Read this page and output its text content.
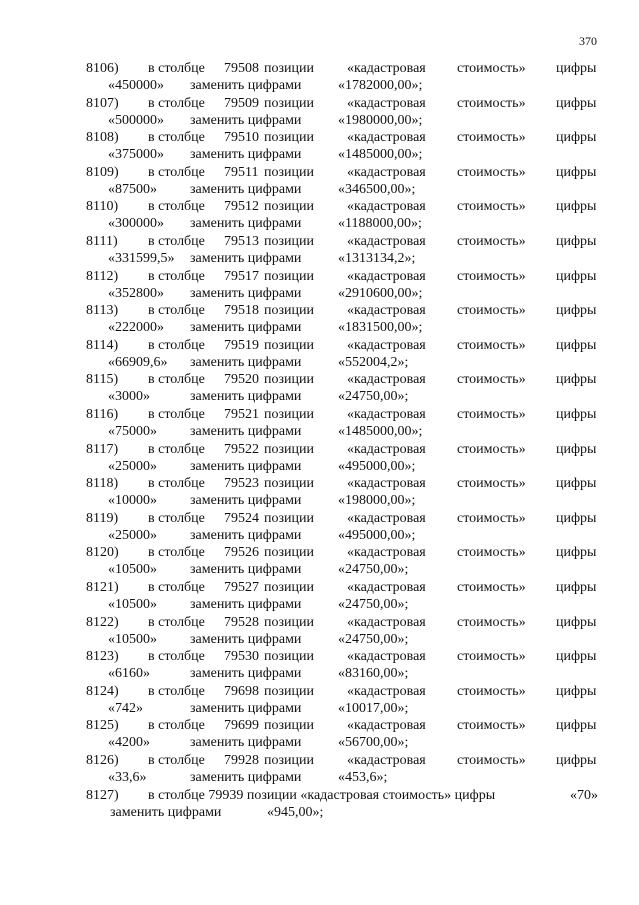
370
8106) в столбце 79508 позиции «кадастровая стоимость» цифры
«450000» заменить цифрами	«1782000,00»;
8107) в столбце 79509 позиции «кадастровая стоимость» цифры
«500000» заменить цифрами	«1980000,00»;
8108) в столбце 79510 позиции «кадастровая стоимость» цифры
«375000» заменить цифрами	«1485000,00»;
8109) в столбце 79511 позиции «кадастровая стоимость» цифры
«87500» заменить цифрами	«346500,00»;
8110) в столбце 79512 позиции «кадастровая стоимость» цифры
«300000» заменить цифрами	«1188000,00»;
8111) в столбце 79513 позиции «кадастровая стоимость» цифры
«331599,5» заменить цифрами	«1313134,2»;
8112) в столбце 79517 позиции «кадастровая стоимость» цифры
«352800» заменить цифрами	«2910600,00»;
8113) в столбце 79518 позиции «кадастровая стоимость» цифры
«222000» заменить цифрами	«1831500,00»;
8114) в столбце 79519 позиции «кадастровая стоимость» цифры
«66909,6» заменить цифрами	«552004,2»;
8115) в столбце 79520 позиции «кадастровая стоимость» цифры
«3000»	заменить цифрами	«24750,00»;
8116) в столбце 79521 позиции «кадастровая стоимость» цифры
«75000» заменить цифрами	«1485000,00»;
8117) в столбце 79522 позиции «кадастровая стоимость» цифры
«25000» заменить цифрами	«495000,00»;
8118) в столбце 79523 позиции «кадастровая стоимость» цифры
«10000» заменить цифрами	«198000,00»;
8119) в столбце 79524 позиции «кадастровая стоимость» цифры
«25000» заменить цифрами	«495000,00»;
8120) в столбце 79526 позиции «кадастровая стоимость» цифры
«10500» заменить цифрами	«24750,00»;
8121) в столбце 79527 позиции «кадастровая стоимость» цифры
«10500» заменить цифрами	«24750,00»;
8122) в столбце 79528 позиции «кадастровая стоимость» цифры
«10500» заменить цифрами	«24750,00»;
8123) в столбце 79530 позиции «кадастровая стоимость» цифры
«6160»	заменить цифрами	«83160,00»;
8124) в столбце 79698 позиции «кадастровая стоимость» цифры
«742»	заменить цифрами	«10017,00»;
8125) в столбце 79699 позиции «кадастровая стоимость» цифры
«4200»	заменить цифрами	«56700,00»;
8126) в столбце 79928 позиции «кадастровая стоимость» цифры
«33,6»	заменить цифрами	«453,6»;
8127) в столбце 79939 позиции «кадастровая стоимость» цифры	«70»
заменить цифрами	«945,00»;
